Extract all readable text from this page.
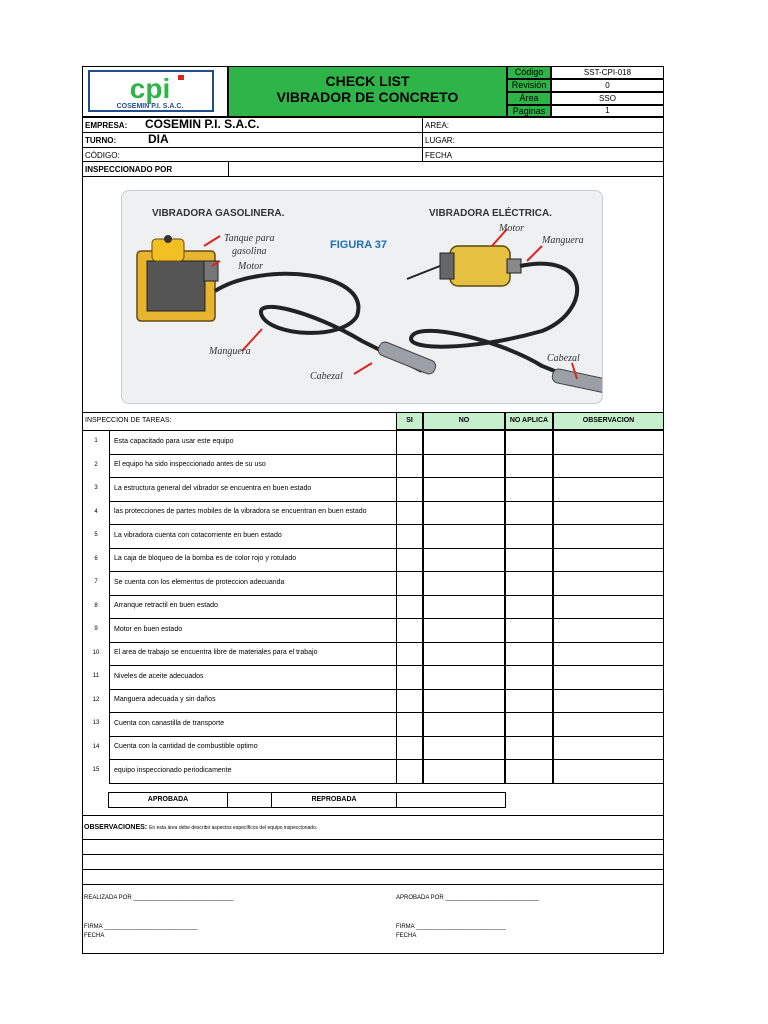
cpi
COSEMIN P.I. S.A.C.
CHECK LIST
VIBRADOR DE CONCRETO
Código	SST-CPI-018
Revisión	0
Área	SSO
Paginas	1
EMPRESA: COSEMIN P.I. S.A.C.
TURNO:	DIA
CÓDIGO:
INSPECCIONADO POR
AREA:
LUGAR:
FECHA
VIBRADORA GASOLINERA.	VIBRADORA ELÉCTRICA.
FIGURA 37
Tanque para
gasolina
Motor
Manguera
Cabezal
Motor
Manguera
Cabezal
INSPECCION DE TAREAS:	SI	NO	NO APLICA	OBSERVACION
1	Esta capacitado para usar este equipo
2	El equipo ha sido inspeccionado antes de su uso
3	La estructura general del vibrador se encuentra en buen estado
4	las protecciones de partes mobiles de la vibradora se encuentran en buen estado
5	La vibradora cuenta con cotacorriente en buen estado
6	La caja de bloqueo de la bomba es de color rojo y rotulado
7	Se cuenta con los elementos de proteccion adecuanda
8	Arranque retractil en buen estado
9	Motor en buen estado
10	El area de trabajo se encuentra libre de materiales para el trabajo
11	Niveles de aceite adecuados
12	Manguera adecuada y sin daños
13	Cuenta con canastilla de transporte
14	Cuenta con la cantidad de combustible optimo
15	equipo inspeccionado periodicamente
APROBADA	REPROBADA
OBSERVACIONES: En esta área debe describir aspectos específicos del equipo inspeccionado.
REALIZADA POR ______________________________	APROBADA POR ____________________________
FIRMA ____________________________
FECHA
FIRMA ___________________________
FECHA
